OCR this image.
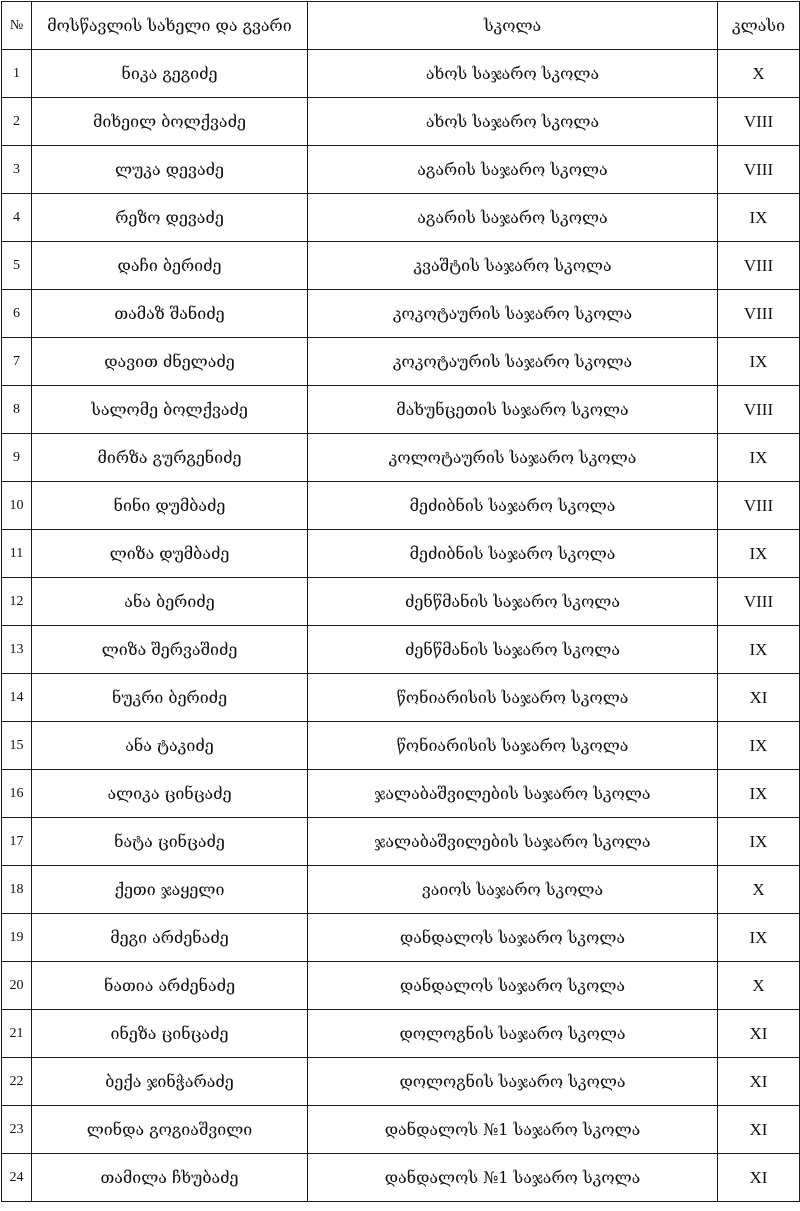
№	მოსწავლის სახელი და გვარი	სკოლა	კლასი
1	ნიკა გეგიძე	ახოს საჯარო სკოლა	X
2	მიხეილ ბოლქვაძე	ახოს საჯარო სკოლა	VIII
3	ლუკა დევაძე	აგარის საჯარო სკოლა	VIII
4	რეზო დევაძე	აგარის საჯარო სკოლა	IX
5	დაჩი ბერიძე	კვაშტის საჯარო სკოლა	VIII
6	თამაზ შანიძე	კოკოტაურის საჯარო სკოლა	VIII
7	დავით ძნელაძე	კოკოტაურის საჯარო სკოლა	IX
8	სალომე ბოლქვაძე	მახუნცეთის საჯარო სკოლა	VIII
9	მირზა გურგენიძე	კოლოტაურის საჯარო სკოლა	IX
10	ნინი დუმბაძე	მეძიბნის საჯარო სკოლა	VIII
11	ლიზა დუმბაძე	მეძიბნის საჯარო სკოლა	IX
12	ანა ბერიძე	ძენწმანის საჯარო სკოლა	VIII
13	ლიზა შერვაშიძე	ძენწმანის საჯარო სკოლა	IX
14	ნუკრი ბერიძე	წონიარისის საჯარო სკოლა	XI
15	ანა ტაკიძე	წონიარისის საჯარო სკოლა	IX
16	ალიკა ცინცაძე	ჯალაბაშვილების საჯარო სკოლა	IX
17	ნატა ცინცაძე	ჯალაბაშვილების საჯარო სკოლა	IX
18	ქეთი ჯაყელი	ვაიოს საჯარო სკოლა	X
19	მეგი არძენაძე	დანდალოს საჯარო სკოლა	IX
20	ნათია არძენაძე	დანდალოს საჯარო სკოლა	X
21	ინეზა ცინცაძე	დოლოგნის საჯარო სკოლა	XI
22	ბექა ჯინჭარაძე	დოლოგნის საჯარო სკოლა	XI
23	ლინდა გოგიაშვილი	დანდალოს №1 საჯარო სკოლა	XI
24	თამილა ჩხუბაძე	დანდალოს №1 საჯარო სკოლა	XI
